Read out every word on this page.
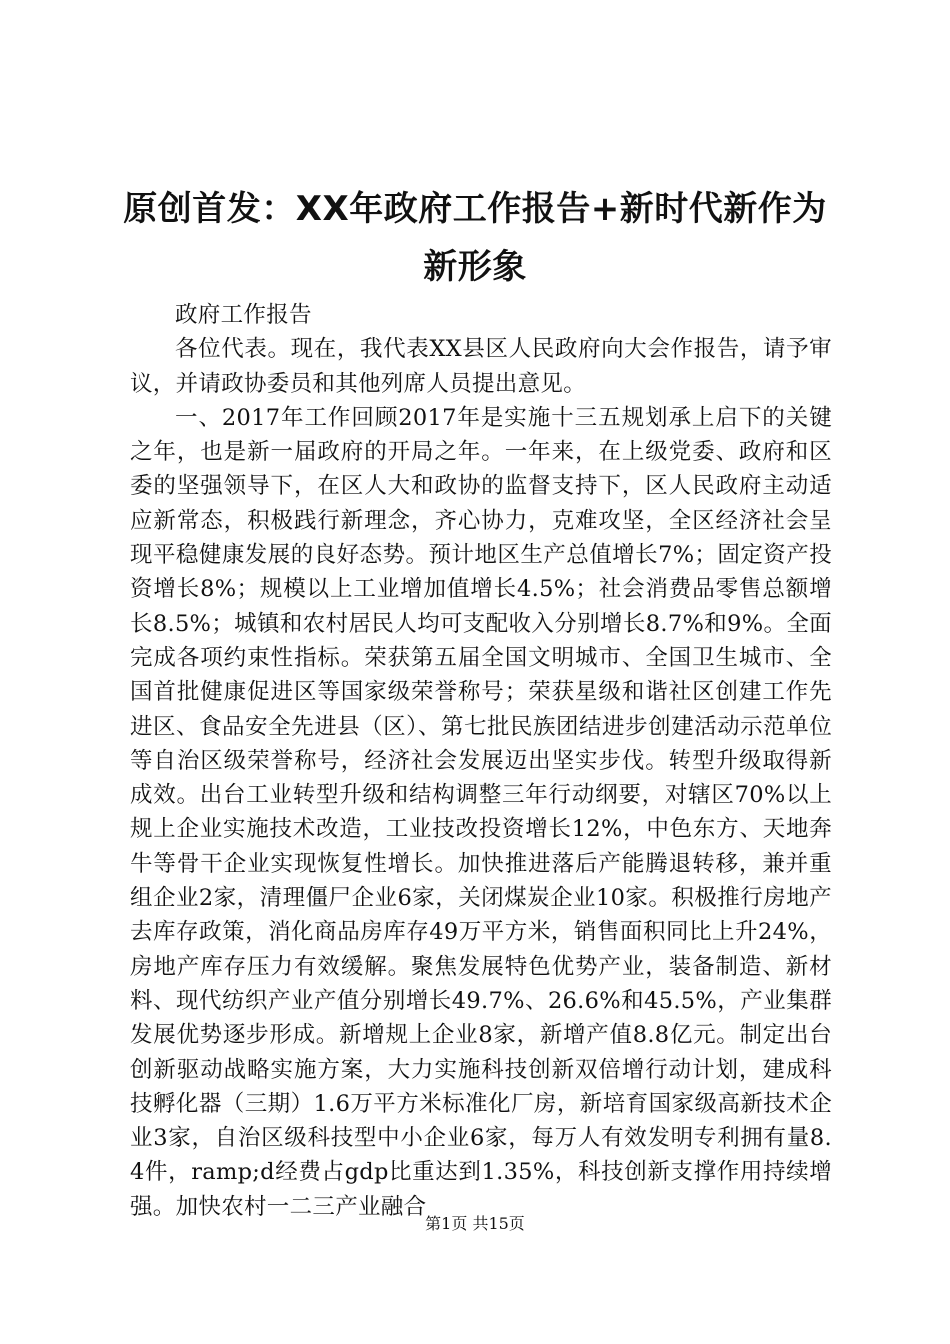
原创首发：XX年政府工作报告+新时代新作为
新形象

政府工作报告

各位代表。现在，我代表XX县区人民政府向大会作报告，请予审议，并请政协委员和其他列席人员提出意见。

一、2017年工作回顾2017年是实施十三五规划承上启下的关键之年，也是新一届政府的开局之年。一年来，在上级党委、政府和区委的坚强领导下，在区人大和政协的监督支持下，区人民政府主动适应新常态，积极践行新理念，齐心协力，克难攻坚，全区经济社会呈现平稳健康发展的良好态势。预计地区生产总值增长7%；固定资产投资增长8%；规模以上工业增加值增长4.5%；社会消费品零售总额增长8.5%；城镇和农村居民人均可支配收入分别增长8.7%和9%。全面完成各项约束性指标。荣获第五届全国文明城市、全国卫生城市、全国首批健康促进区等国家级荣誉称号；荣获星级和谐社区创建工作先进区、食品安全先进县（区）、第七批民族团结进步创建活动示范单位等自治区级荣誉称号，经济社会发展迈出坚实步伐。转型升级取得新成效。出台工业转型升级和结构调整三年行动纲要，对辖区70%以上规上企业实施技术改造，工业技改投资增长12%，中色东方、天地奔牛等骨干企业实现恢复性增长。加快推进落后产能腾退转移，兼并重组企业2家，清理僵尸企业6家，关闭煤炭企业10家。积极推行房地产去库存政策，消化商品房库存49万平方米，销售面积同比上升24%，房地产库存压力有效缓解。聚焦发展特色优势产业，装备制造、新材料、现代纺织产业产值分别增长49.7%、26.6%和45.5%，产业集群发展优势逐步形成。新增规上企业8家，新增产值8.8亿元。制定出台创新驱动战略实施方案，大力实施科技创新双倍增行动计划，建成科技孵化器（三期）1.6万平方米标准化厂房，新培育国家级高新技术企业3家，自治区级科技型中小企业6家，每万人有效发明专利拥有量8.4件，ramp;d经费占gdp比重达到1.35%，科技创新支撑作用持续增强。加快农村一二三产业融合

第1页 共15页
